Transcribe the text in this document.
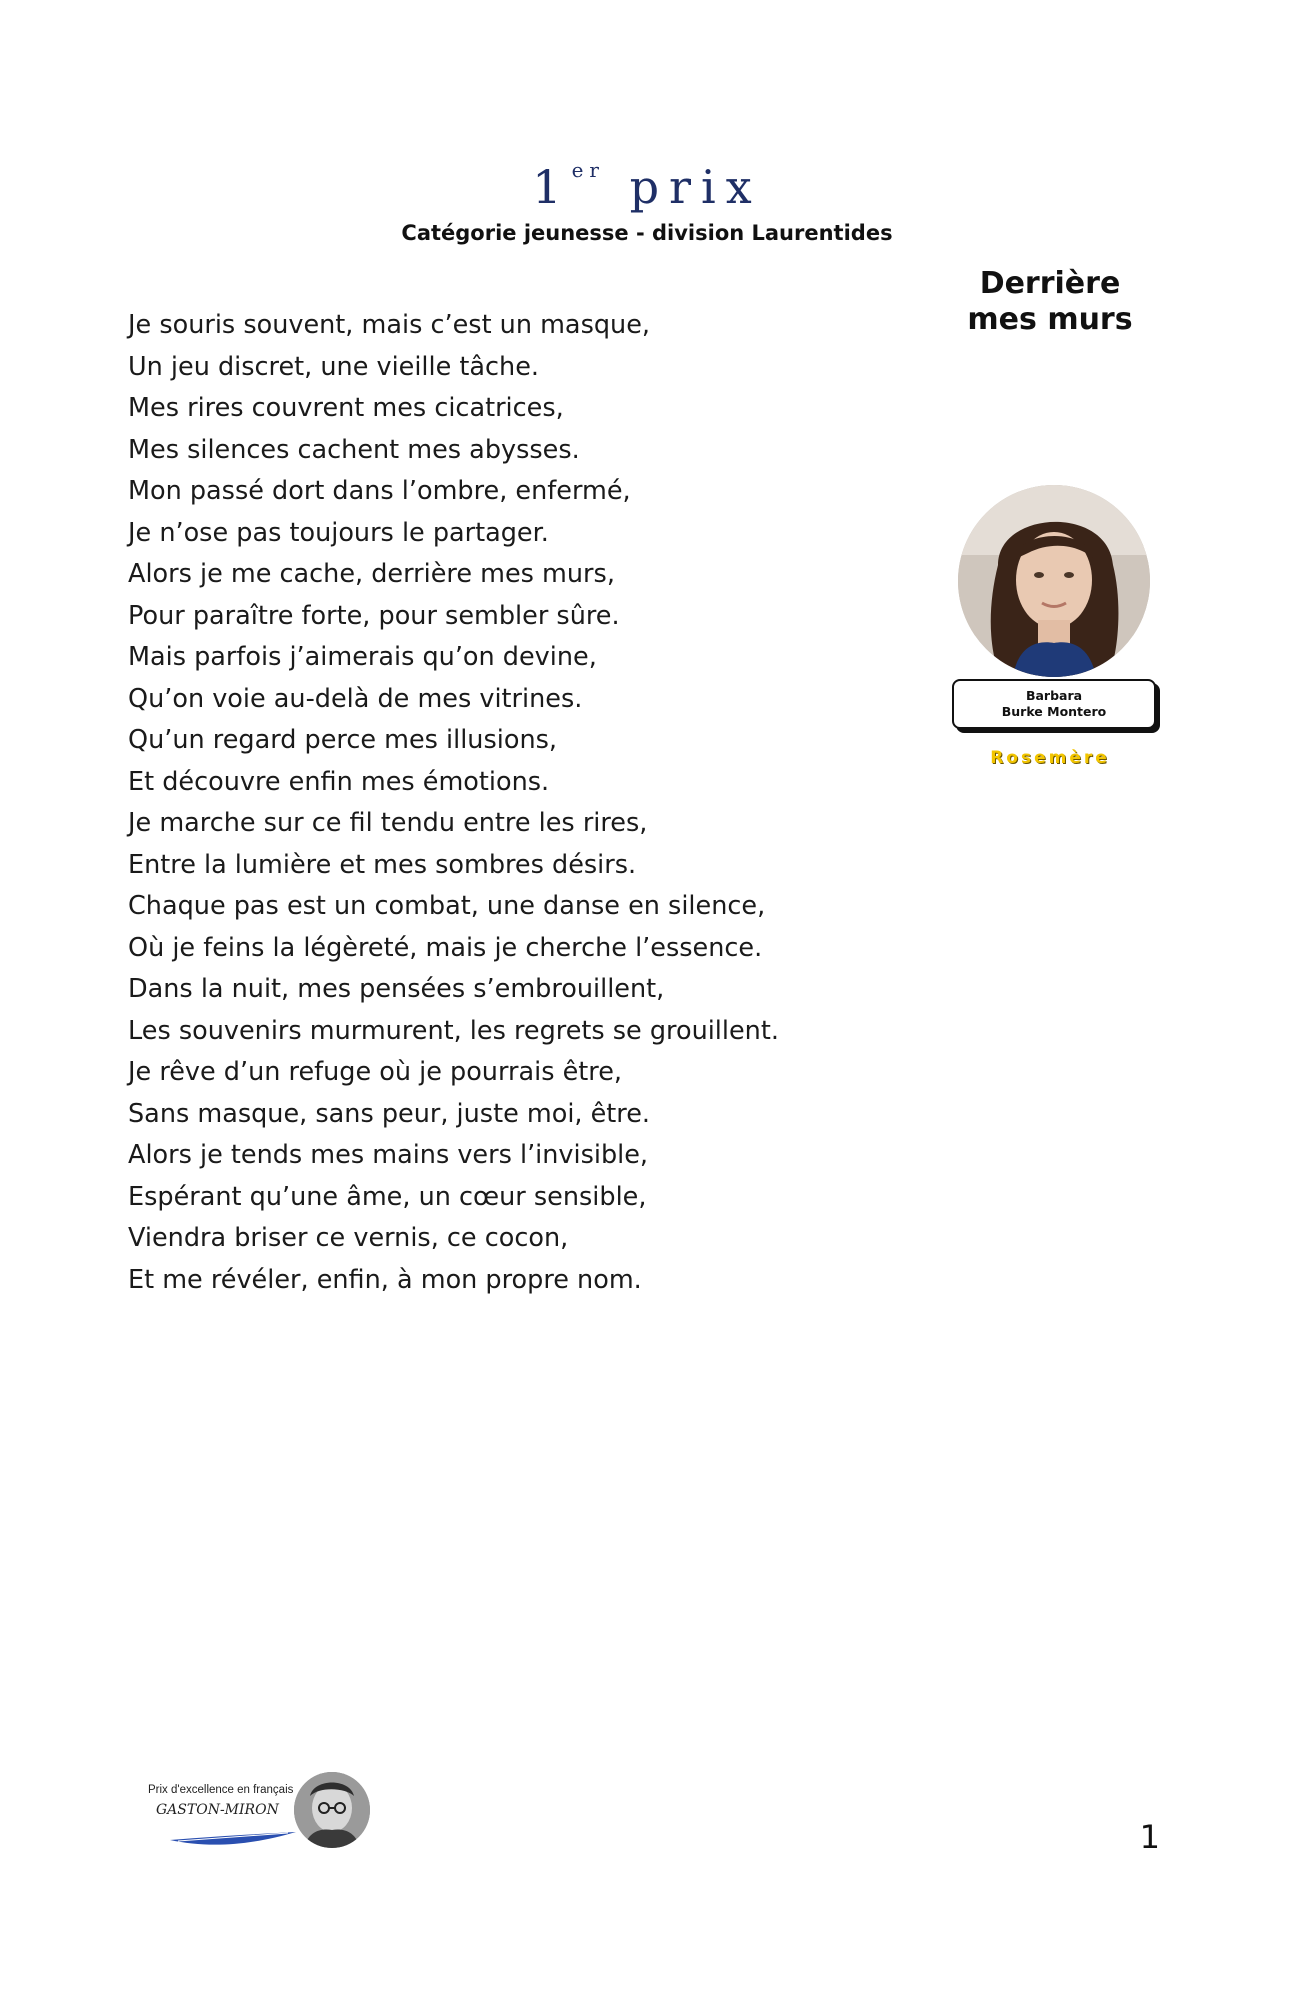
1er prix
Catégorie jeunesse - division Laurentides
Derrière
mes murs
Je souris souvent, mais c’est un masque,
Un jeu discret, une vieille tâche.
Mes rires couvrent mes cicatrices,
Mes silences cachent mes abysses.
Mon passé dort dans l’ombre, enfermé,
Je n’ose pas toujours le partager.
Alors je me cache, derrière mes murs,
Pour paraître forte, pour sembler sûre.
Mais parfois j’aimerais qu’on devine,
Qu’on voie au-delà de mes vitrines.
Qu’un regard perce mes illusions,
Et découvre enfin mes émotions.
Je marche sur ce fil tendu entre les rires,
Entre la lumière et mes sombres désirs.
Chaque pas est un combat, une danse en silence,
Où je feins la légèreté, mais je cherche l’essence.
Dans la nuit, mes pensées s’embrouillent,
Les souvenirs murmurent, les regrets se grouillent.
Je rêve d’un refuge où je pourrais être,
Sans masque, sans peur, juste moi, être.
Alors je tends mes mains vers l’invisible,
Espérant qu’une âme, un cœur sensible,
Viendra briser ce vernis, ce cocon,
Et me révéler, enfin, à mon propre nom.
Barbara
Burke Montero
Rosemère
Prix d'excellence en français
GASTON-MIRON
1
